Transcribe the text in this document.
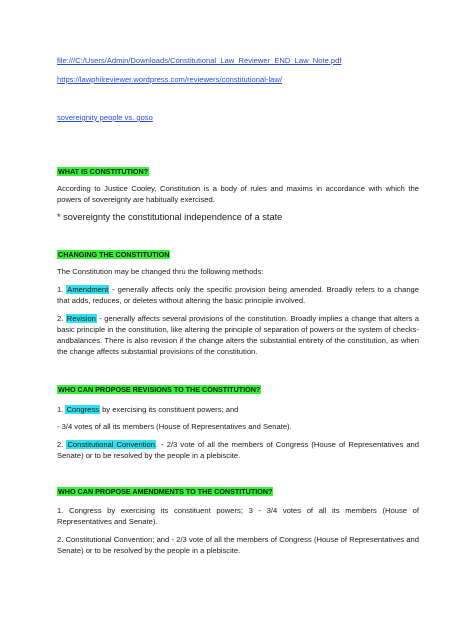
file:///C:/Users/Admin/Downloads/Constitutional_Law_Reviewer_END_Law_Note.pdf
https://lawphilreviewer.wordpress.com/reviewers/constitutional-law/
sovereignity people vs. goso
WHAT IS CONSTITUTION?
According to Justice Cooley, Constitution is a body of rules and maxims in accordance with which the powers of sovereignty are habitually exercised.
* sovereignty the constitutional independence of a state
CHANGING THE CONSTITUTION
The Constitution may be changed thru the following methods:
1. Amendment - generally affects only the specific provision being amended. Broadly refers to a change that adds, reduces, or deletes without altering the basic principle involved.
2. Revision - generally affects several provisions of the constitution. Broadly implies a change that alters a basic principle in the constitution, like altering the principle of separation of powers or the system of checks-andbalances. There is also revision if the change alters the substantial entirety of the constitution, as when the change affects substantial provisions of the constitution.
WHO CAN PROPOSE REVISIONS TO THE CONSTITUTION?
1. Congress by exercising its constituent powers; and
- 3/4 votes of all its members (House of Representatives and Senate).
2. Constitutional Convention. - 2/3 vote of all the members of Congress (House of Representatives and Senate) or to be resolved by the people in a plebiscite.
WHO CAN PROPOSE AMENDMENTS TO THE CONSTITUTION?
1. Congress by exercising its constituent powers; 3 - 3/4 votes of all its members (House of Representatives and Senate).
2. Constitutional Convention; and - 2/3 vote of all the members of Congress (House of Representatives and Senate) or to be resolved by the people in a plebiscite.
